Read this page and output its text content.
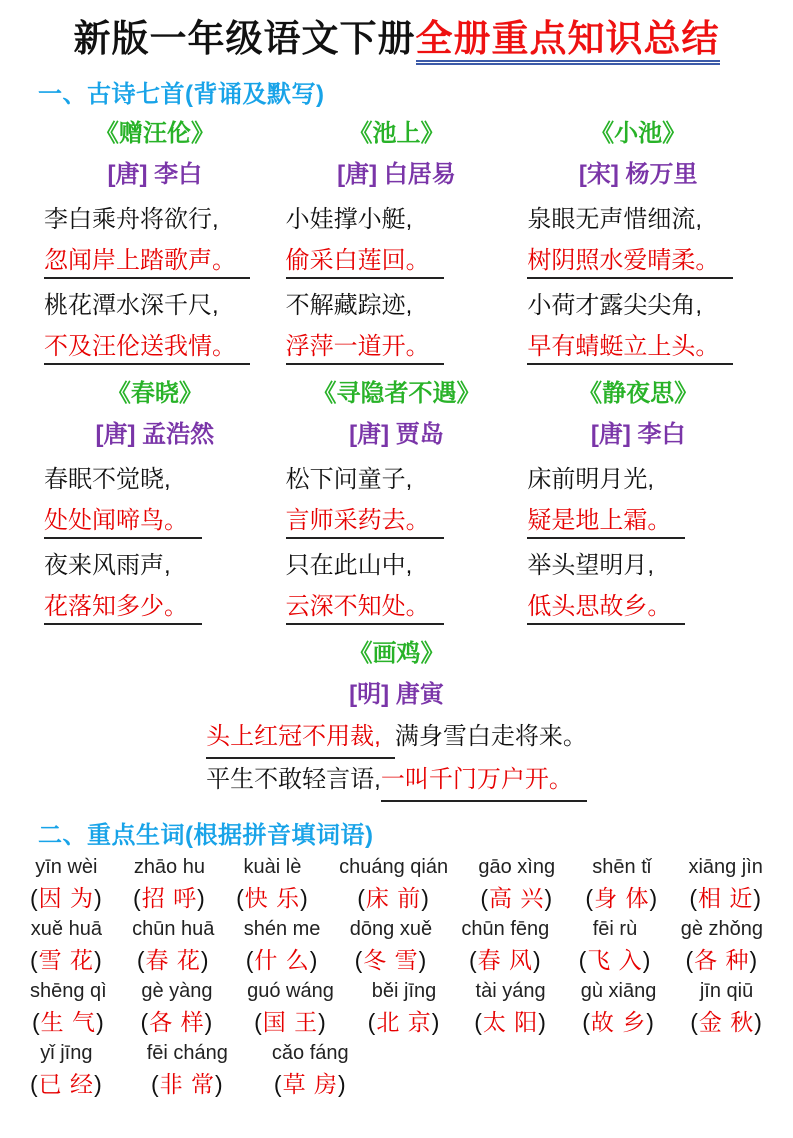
新版一年级语文下册全册重点知识总结
一、古诗七首(背诵及默写)
《赠汪伦》
[唐] 李白
李白乘舟将欲行,
忽闻岸上踏歌声。
桃花潭水深千尺,
不及汪伦送我情。
《池上》
[唐] 白居易
小娃撑小艇,
偷采白莲回。
不解藏踪迹,
浮萍一道开。
《小池》
[宋] 杨万里
泉眼无声惜细流,
树阴照水爱晴柔。
小荷才露尖尖角,
早有蜻蜓立上头。
《春晓》
[唐] 孟浩然
春眠不觉晓,
处处闻啼鸟。
夜来风雨声,
花落知多少。
《寻隐者不遇》
[唐] 贾岛
松下问童子,
言师采药去。
只在此山中,
云深不知处。
《静夜思》
[唐] 李白
床前明月光,
疑是地上霜。
举头望明月,
低头思故乡。
《画鸡》
[明] 唐寅
头上红冠不用裁, 满身雪白走将来。
平生不敢轻言语,一叫千门万户开。
二、重点生词(根据拼音填词语)
yīn wèi
(因 为)
zhāo hu
(招 呼)
kuài lè
(快 乐)
chuáng qián
(床 前)
gāo xìng
(高 兴)
shēn tǐ
(身 体)
xiāng jìn
(相 近)
xuě huā
(雪 花)
chūn huā
(春 花)
shén me
(什 么)
dōng xuě
(冬 雪)
chūn fēng
(春 风)
fēi rù
(飞 入)
gè zhǒng
(各 种)
shēng qì
(生 气)
gè yàng
(各 样)
guó wáng
(国 王)
běi jīng
(北 京)
tài yáng
(太 阳)
gù xiāng
(故 乡)
jīn qiū
(金 秋)
yǐ jīng
(已 经)
fēi cháng
(非 常)
cǎo fáng
(草 房)
